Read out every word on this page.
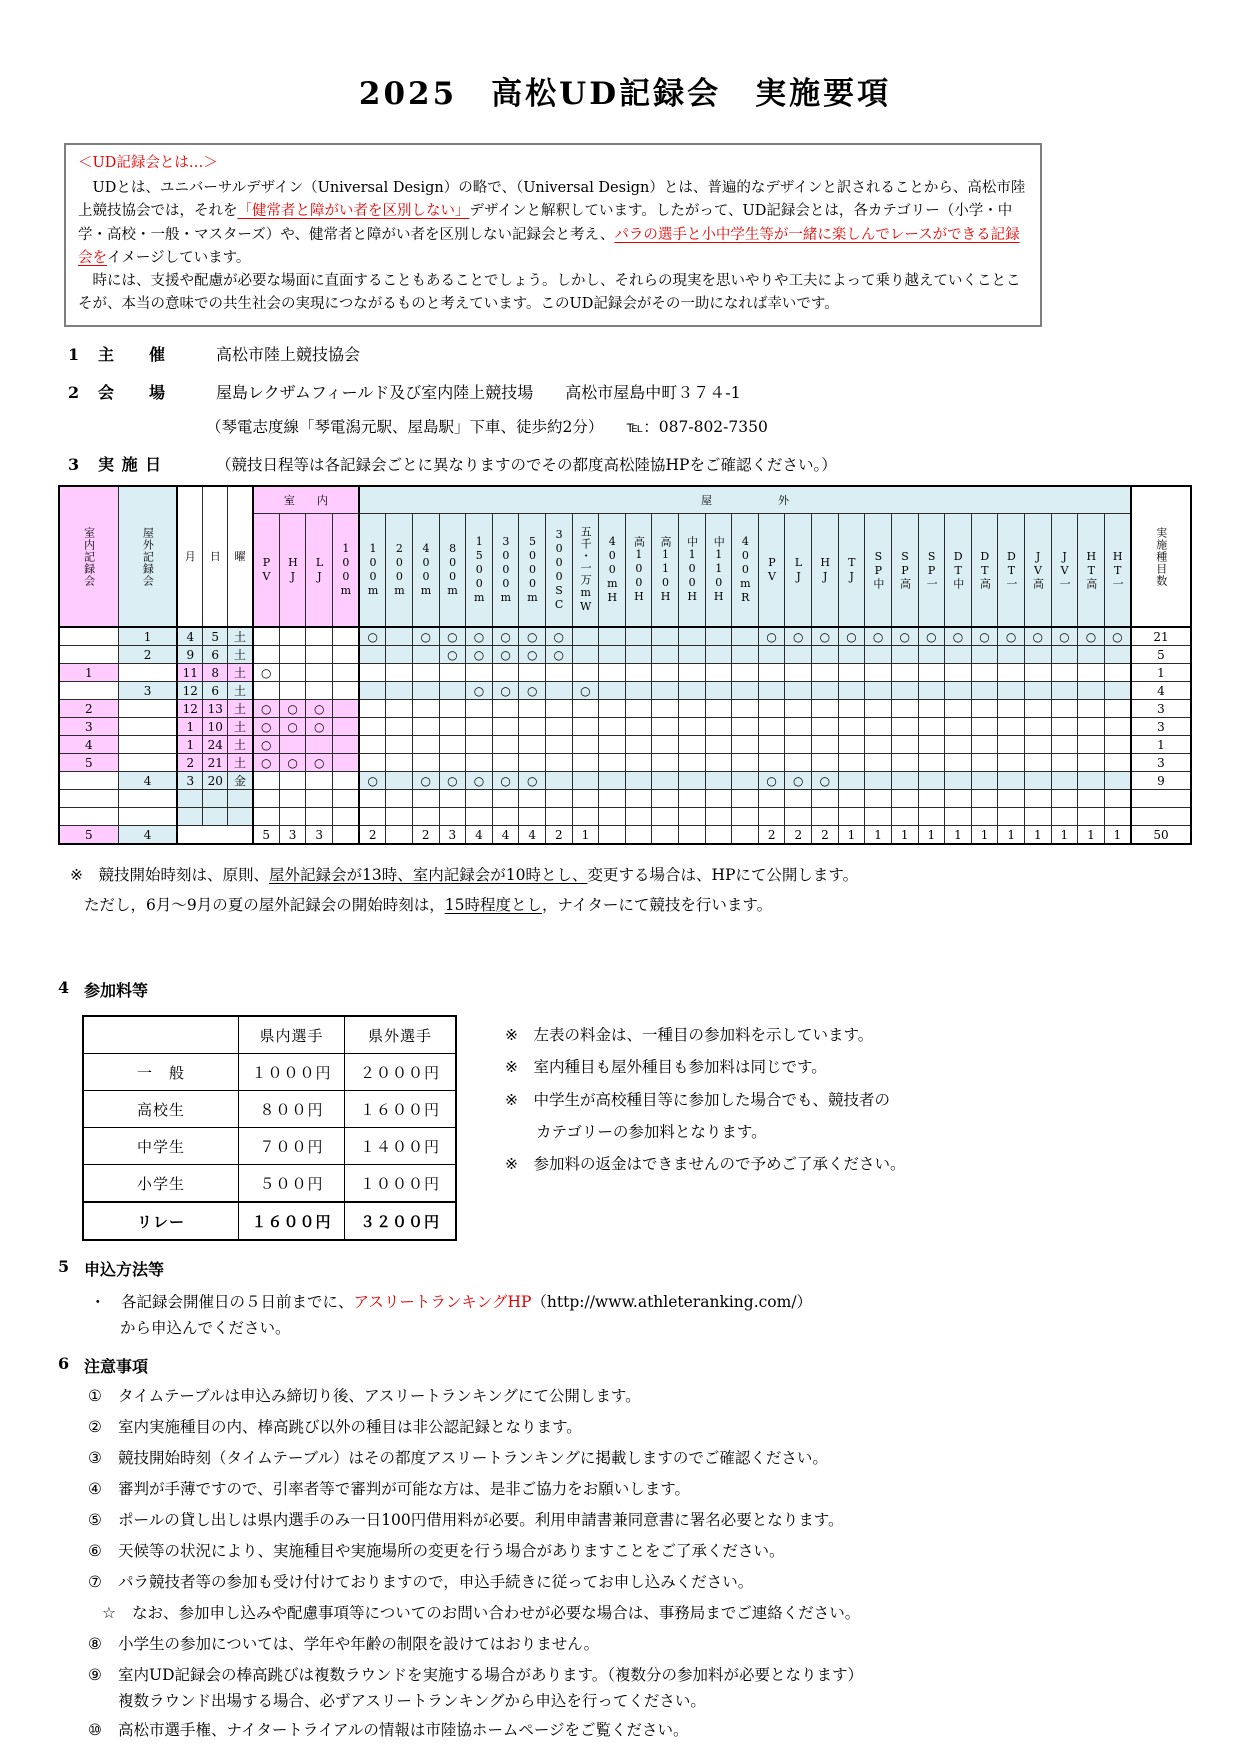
2025　高松UD記録会　実施要項
＜UD記録会とは…＞
　UDとは、ユニバーサルデザイン（Universal Design）の略で、（Universal Design）とは、普遍的なデザインと訳されることから、高松市陸上競技協会では，それを「健常者と障がい者を区別しない」デザインと解釈しています。したがって、UD記録会とは，各カテゴリー（小学・中学・高校・一般・マスターズ）や、健常者と障がい者を区別しない記録会と考え、パラの選手と小中学生等が一緒に楽しんでレースができる記録会をイメージしています。
　時には、支援や配慮が必要な場面に直面することもあることでしょう。しかし、それらの現実を思いやりや工夫によって乗り越えていくことこそが、本当の意味での共生社会の実現につながるものと考えています。このUD記録会がその一助になれば幸いです。
1	主　　催	高松市陸上競技協会
2	会　　場	屋島レクザムフィールド及び室内陸上競技場　　高松市屋島中町３７４-1
（琴電志度線「琴電潟元駅、屋島駅」下車、徒歩約2分）　　℡：087-802-7350
3	実 施 日	（競技日程等は各記録会ごとに異なりますのでその都度高松陸協HPをご確認ください。）
室内記録会	屋外記録会	月	日	曜	室　　内				屋　　　　　　外																													実施種目数
					PV	HJ	LJ	100m	100m	200m	400m	800m	1500m	3000m	5000m	3000SC	五千・一万mW	400mH	高100H	高110H	中100H	中110H	400mR	PV	LJ	HJ	TJ	SP中	SP高	SP一	DT中	DT高	DT一	JV高	JV一	HT高	HT一	
	1	4	5	土					○		○	○	○	○	○	○								○	○	○	○	○	○	○	○	○	○	○	○	○	○	21
	2	9	6	土								○	○	○	○	○																						5
1		11	8	土	○																																	1
	3	12	6	土									○	○	○		○																					4
2		12	13	土	○	○	○																															3
3		1	10	土	○	○	○																															3
4		1	24	土	○																																	1
5		2	21	土	○	○	○																															3
	4	3	20	金					○		○	○	○	○	○									○	○	○												9

5	4				5	3	3		2		2	3	4	4	4	2	1							2	2	2	1	1	1	1	1	1	1	1	1	1	1	50
※　競技開始時刻は、原則、屋外記録会が13時、室内記録会が10時とし、変更する場合は、HPにて公開します。
ただし，6月～9月の夏の屋外記録会の開始時刻は，15時程度とし，ナイターにて競技を行います。
4 参加料等
	県内選手	県外選手
一　般	１０００円	２０００円
高校生	８００円	１６００円
中学生	７００円	１４００円
小学生	５００円	１０００円
リレー	１６００円	３２００円
※　左表の料金は、一種目の参加料を示しています。
※　室内種目も屋外種目も参加料は同じです。
※　中学生が高校種目等に参加した場合でも、競技者の
　　カテゴリーの参加料となります。
※　参加料の返金はできませんので予めご了承ください。
5 申込方法等
・　各記録会開催日の５日前までに、アスリートランキングHP（http://www.athleteranking.com/）
から申込んでください。
6 注意事項
①	タイムテーブルは申込み締切り後、アスリートランキングにて公開します。
②	室内実施種目の内、棒高跳び以外の種目は非公認記録となります。
③	競技開始時刻（タイムテーブル）はその都度アスリートランキングに掲載しますのでご確認ください。
④	審判が手薄ですので、引率者等で審判が可能な方は、是非ご協力をお願いします。
⑤	ポールの貸し出しは県内選手のみ一日100円借用料が必要。利用申請書兼同意書に署名必要となります。
⑥	天候等の状況により、実施種目や実施場所の変更を行う場合がありますことをご了承ください。
⑦	パラ競技者等の参加も受け付けておりますので，申込手続きに従ってお申し込みください。
☆	なお、参加申し込みや配慮事項等についてのお問い合わせが必要な場合は、事務局までご連絡ください。
⑧	小学生の参加については、学年や年齢の制限を設けてはおりません。
⑨	室内UD記録会の棒高跳びは複数ラウンドを実施する場合があります。（複数分の参加料が必要となります）
複数ラウンド出場する場合、必ずアスリートランキングから申込を行ってください。
⑩	高松市選手権、ナイタートライアルの情報は市陸協ホームページをご覧ください。
